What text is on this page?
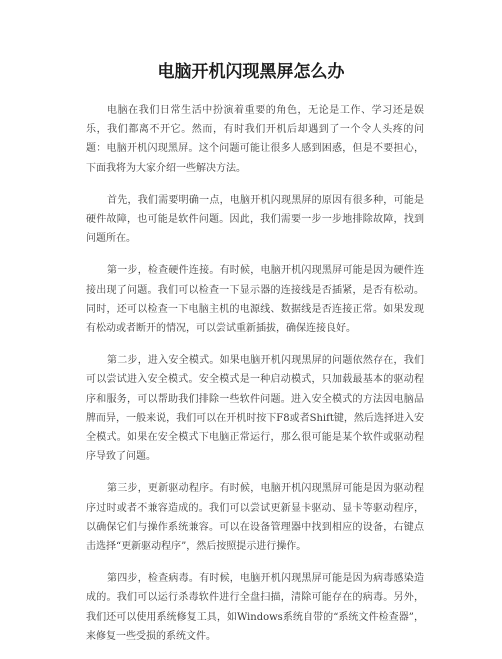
电脑开机闪现黑屏怎么办

电脑在我们日常生活中扮演着重要的角色，无论是工作、学习还是娱乐，我们都离不开它。然而，有时我们开机后却遇到了一个令人头疼的问题：电脑开机闪现黑屏。这个问题可能让很多人感到困惑，但是不要担心，下面我将为大家介绍一些解决方法。

首先，我们需要明确一点，电脑开机闪现黑屏的原因有很多种，可能是硬件故障，也可能是软件问题。因此，我们需要一步一步地排除故障，找到问题所在。

第一步，检查硬件连接。有时候，电脑开机闪现黑屏可能是因为硬件连接出现了问题。我们可以检查一下显示器的连接线是否插紧，是否有松动。同时，还可以检查一下电脑主机的电源线、数据线是否连接正常。如果发现有松动或者断开的情况，可以尝试重新插拔，确保连接良好。

第二步，进入安全模式。如果电脑开机闪现黑屏的问题依然存在，我们可以尝试进入安全模式。安全模式是一种启动模式，只加载最基本的驱动程序和服务，可以帮助我们排除一些软件问题。进入安全模式的方法因电脑品牌而异，一般来说，我们可以在开机时按下F8或者Shift键，然后选择进入安全模式。如果在安全模式下电脑正常运行，那么很可能是某个软件或驱动程序导致了问题。

第三步，更新驱动程序。有时候，电脑开机闪现黑屏可能是因为驱动程序过时或者不兼容造成的。我们可以尝试更新显卡驱动、显卡等驱动程序，以确保它们与操作系统兼容。可以在设备管理器中找到相应的设备，右键点击选择“更新驱动程序”，然后按照提示进行操作。

第四步，检查病毒。有时候，电脑开机闪现黑屏可能是因为病毒感染造成的。我们可以运行杀毒软件进行全盘扫描，清除可能存在的病毒。另外，我们还可以使用系统修复工具，如Windows系统自带的“系统文件检查器”，来修复一些受损的系统文件。
